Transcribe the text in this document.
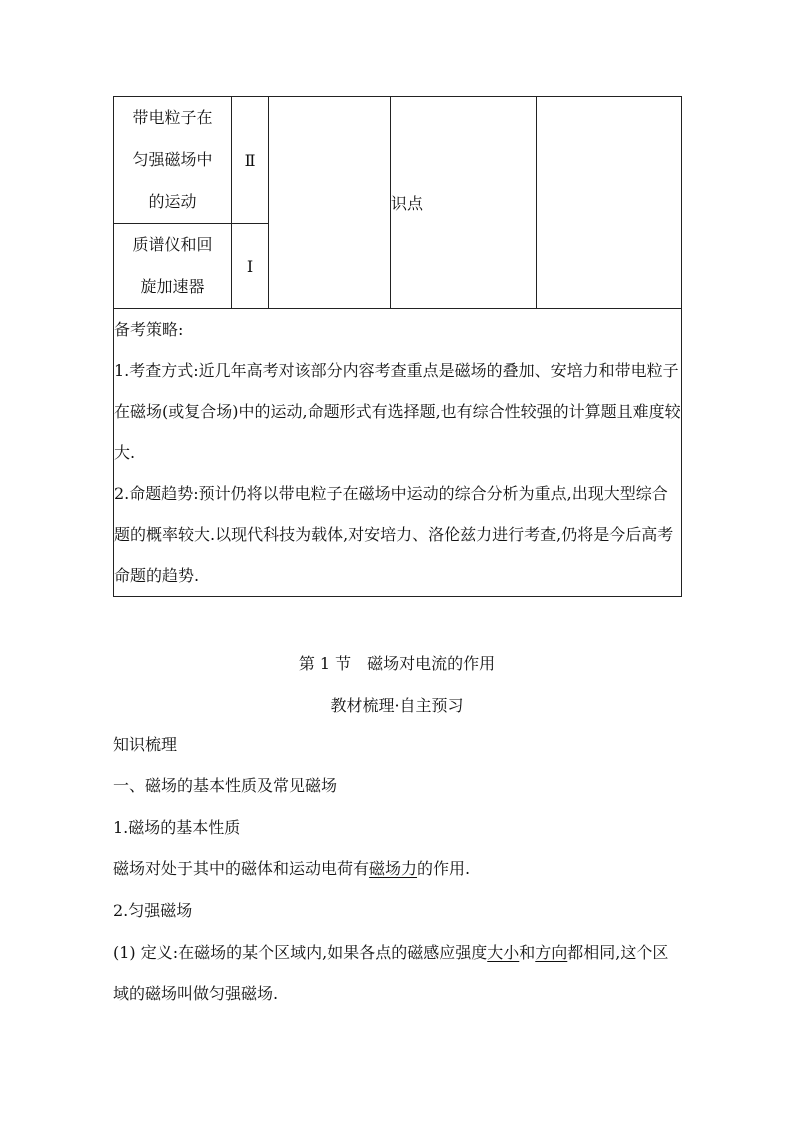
带电粒子在
匀强磁场中
的运动	Ⅱ		识点	

质谱仪和回
旋加速器	Ⅰ			

备考策略:

1.考查方式:近几年高考对该部分内容考查重点是磁场的叠加、安培力和带电粒子在磁场(或复合场)中的运动,命题形式有选择题,也有综合性较强的计算题且难度较大.

2.命题趋势:预计仍将以带电粒子在磁场中运动的综合分析为重点,出现大型综合题的概率较大.以现代科技为载体,对安培力、洛伦兹力进行考查,仍将是今后高考命题的趋势.				

第 1 节　磁场对电流的作用
教材梳理·自主预习
知识梳理
一、磁场的基本性质及常见磁场
1.磁场的基本性质
磁场对处于其中的磁体和运动电荷有磁场力的作用.
2.匀强磁场
(1) 定义:在磁场的某个区域内,如果各点的磁感应强度大小和方向都相同,这个区域的磁场叫做匀强磁场.
